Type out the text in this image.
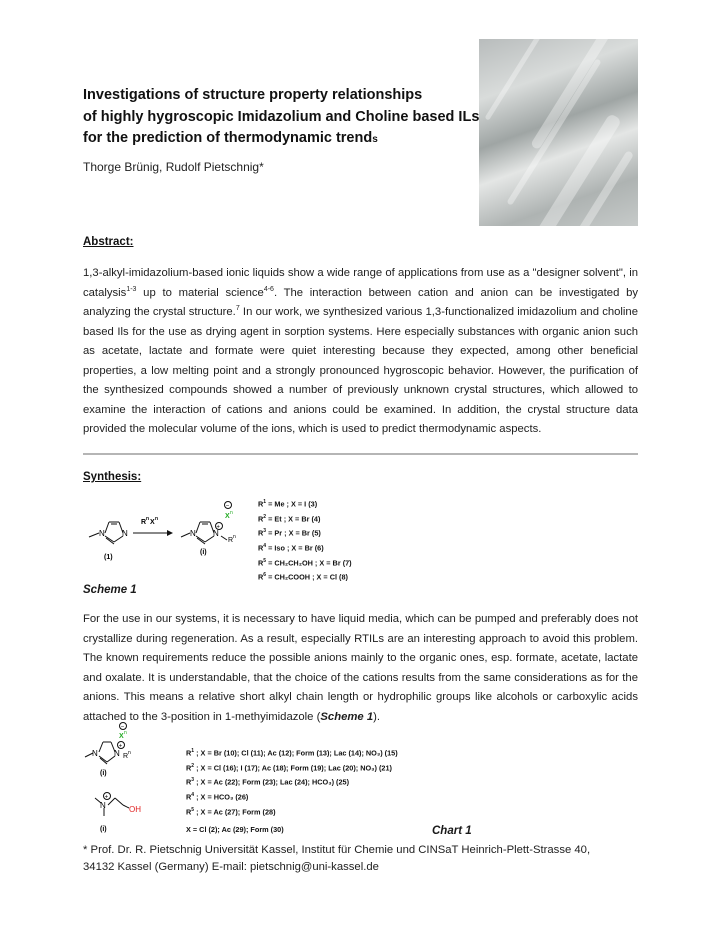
Investigations of structure property relationships
of highly hygroscopic Imidazolium and Choline based ILs
for the prediction of thermodynamic trends
Thorge Brünig, Rudolf Pietschnig*
Abstract:
1,3-alkyl-imidazolium-based ionic liquids show a wide range of applications from use as a "designer solvent", in catalysis$^{1-3}$ up to material science$^{4-6}$. The interaction between cation and anion can be investigated by analyzing the crystal structure.$^7$ In our work, we synthesized various 1,3-functionalized imidazolium and choline based Ils for the use as drying agent in sorption systems. Here especially substances with organic anion such as acetate, lactate and formate were quiet interesting because they expected, among other beneficial properties, a low melting point and a strongly pronounced hygroscopic behavior. However, the purification of the synthesized compounds showed a number of previously unknown crystal structures, which allowed to examine the interaction of cations and anions could be examined. In addition, the crystal structure data provided the molecular volume of the ions, which is used to predict thermodynamic aspects.
Synthesis:
N N
(1)
R n X n
N N
+
−
X n
R n
(i)
$R^1 = Me$ ; X = I (3)
$R^2 = Et$ ; X = Br (4)
$R^3 = Pr$ ; X = Br (5)
$R^4$ = Iso ; X = Br (6)
$R^5 = CH_2CH_2OH$ ; X = Br (7)
$R^6$ = CH₂COOH ; X = Cl (8)
Scheme 1
For the use in our systems, it is necessary to have liquid media, which can be pumped and preferably does not crystallize during regeneration. As a result, especially RTILs are an interesting approach to avoid this problem. The known requirements reduce the possible anions mainly to the organic ones, esp. formate, acetate, lactate and oxalate. It is understandable, that the choice of the cations results from the same considerations as for the anions. This means a relative short alkyl chain length or hydrophilic groups like alcohols or carboxylic acids attached to the 3-position in 1-methyimidazole (Scheme 1).
−
X n
+
N N R n
(i)
+
N	OH
(i)
$R^1$ ; X = Br (10); Cl (11); Ac (12); Form (13); Lac (14); NO₃) (15)
$R^2$ ; X = Cl (16); I (17); Ac (18); Form (19); Lac (20); NO₃) (21)
$R^3$ ; X = Ac (22); Form (23); Lac (24); HCO₃) (25)
$R^4$ ; X = HCO₃ (26)
$R^5$ ; X = Ac (27); Form (28)
X = Cl (2); Ac (29); Form (30)	Chart 1
* Prof. Dr. R. Pietschnig Universität Kassel, Institut für Chemie und CINSaT Heinrich-Plett-Strasse 40,
34132 Kassel (Germany) E-mail: pietschnig@uni-kassel.de
